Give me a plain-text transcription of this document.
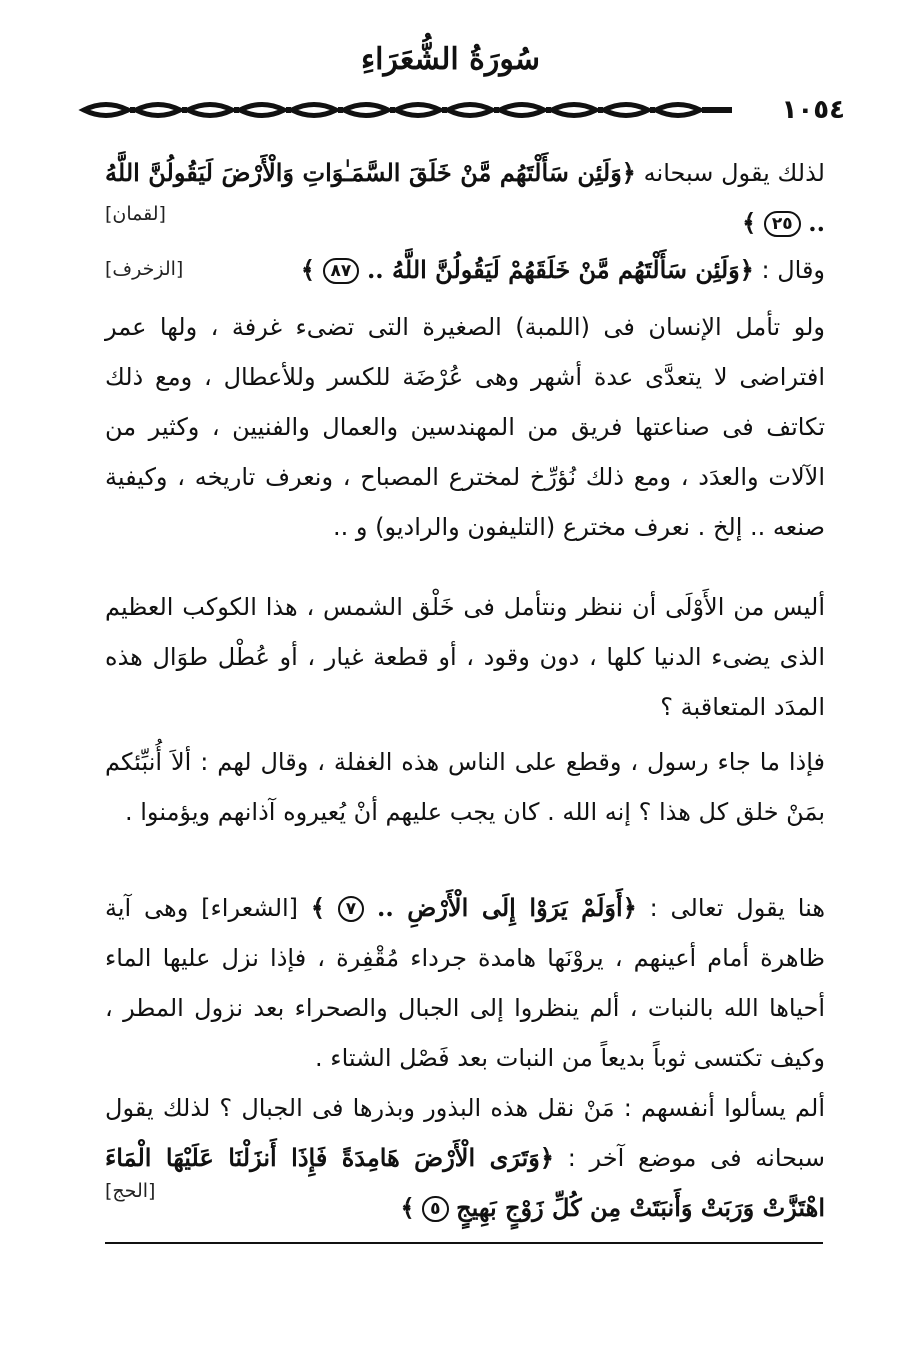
سُورَةُ الشُّعَرَاءِ
١٠٥٤
لذلك يقول سبحانه ﴿وَلَئِن سَأَلْتَهُم مَّنْ خَلَقَ السَّمَـٰوَاتِ وَالْأَرْضَ لَيَقُولُنَّ اللَّهُ .. ٢٥ ﴾
[لقمان]
وقال : ﴿وَلَئِن سَأَلْتَهُم مَّنْ خَلَقَهُمْ لَيَقُولُنَّ اللَّهُ .. ٨٧ ﴾
[الزخرف]
ولو تأمل الإنسان فى (اللمبة) الصغيرة التى تضىء غرفة ، ولها عمر افتراضى لا يتعدَّى عدة أشهر وهى عُرْضَة للكسر وللأعطال ، ومع ذلك تكاتف فى صناعتها فريق من المهندسين والعمال والفنيين ، وكثير من الآلات والعدَد ، ومع ذلك نُؤرِّخ لمخترع المصباح ، ونعرف تاريخه ، وكيفية صنعه .. إلخ . نعرف مخترع (التليفون والراديو) و ..
أليس من الأَوْلَى أن ننظر ونتأمل فى خَلْق الشمس ، هذا الكوكب العظيم الذى يضىء الدنيا كلها ، دون وقود ، أو قطعة غيار ، أو عُطْل طوَال هذه المدَد المتعاقبة ؟
فإذا ما جاء رسول ، وقطع على الناس هذه الغفلة ، وقال لهم : ألاَ أُنبِّئكم بمَنْ خلق كل هذا ؟ إنه الله . كان يجب عليهم أنْ يُعيروه آذانهم ويؤمنوا .
هنا يقول تعالى : ﴿أَوَلَمْ يَرَوْا إِلَى الْأَرْضِ .. ٧ ﴾ [الشعراء] وهى آية ظاهرة أمام أعينهم ، يروْنَها هامدة جرداء مُقْفِرة ، فإذا نزل عليها الماء أحياها الله بالنبات ، ألم ينظروا إلى الجبال والصحراء بعد نزول المطر ، وكيف تكتسى ثوباً بديعاً من النبات بعد فَصْل الشتاء .
ألم يسألوا أنفسهم : مَنْ نقل هذه البذور وبذرها فى الجبال ؟ لذلك يقول سبحانه فى موضع آخر : ﴿وَتَرَى الْأَرْضَ هَامِدَةً فَإِذَا أَنزَلْنَا عَلَيْهَا الْمَاءَ اهْتَزَّتْ وَرَبَتْ وَأَنبَتَتْ مِن كُلِّ زَوْجٍ بَهِيجٍ ٥ ﴾
[الحج]
